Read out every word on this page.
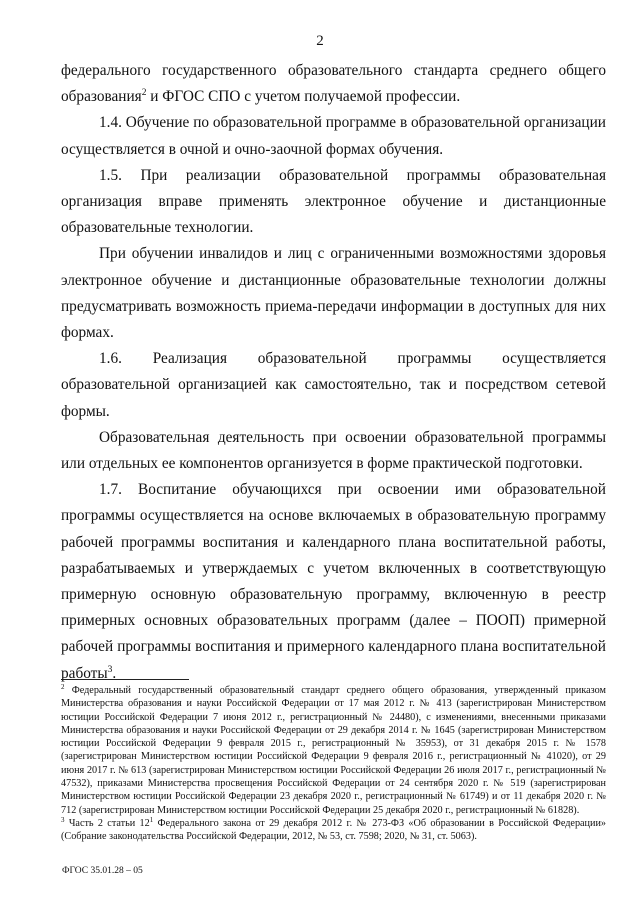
2

федерального государственного образовательного стандарта среднего общего образования$^2$ и ФГОС СПО с учетом получаемой профессии.

1.4. Обучение по образовательной программе в образовательной организации осуществляется в очной и очно-заочной формах обучения.

1.5. При реализации образовательной программы образовательная организация вправе применять электронное обучение и дистанционные образовательные технологии.

При обучении инвалидов и лиц с ограниченными возможностями здоровья электронное обучение и дистанционные образовательные технологии должны предусматривать возможность приема-передачи информации в доступных для них формах.

1.6. Реализация образовательной программы осуществляется образовательной организацией как самостоятельно, так и посредством сетевой формы.

Образовательная деятельность при освоении образовательной программы или отдельных ее компонентов организуется в форме практической подготовки.

1.7. Воспитание обучающихся при освоении ими образовательной программы осуществляется на основе включаемых в образовательную программу рабочей программы воспитания и календарного плана воспитательной работы, разрабатываемых и утверждаемых с учетом включенных в соответствующую примерную основную образовательную программу, включенную в реестр примерных основных образовательных программ (далее – ПООП) примерной рабочей программы воспитания и примерного календарного плана воспитательной работы$^3$.

$^2$ Федеральный государственный образовательный стандарт среднего общего образования, утвержденный приказом Министерства образования и науки Российской Федерации от 17 мая 2012 г. № 413 (зарегистрирован Министерством юстиции Российской Федерации 7 июня 2012 г., регистрационный № 24480), с изменениями, внесенными приказами Министерства образования и науки Российской Федерации от 29 декабря 2014 г. № 1645 (зарегистрирован Министерством юстиции Российской Федерации 9 февраля 2015 г., регистрационный № 35953), от 31 декабря 2015 г. № 1578 (зарегистрирован Министерством юстиции Российской Федерации 9 февраля 2016 г., регистрационный № 41020), от 29 июня 2017 г. № 613 (зарегистрирован Министерством юстиции Российской Федерации 26 июля 2017 г., регистрационный № 47532), приказами Министерства просвещения Российской Федерации от 24 сентября 2020 г. № 519 (зарегистрирован Министерством юстиции Российской Федерации 23 декабря 2020 г., регистрационный № 61749) и от 11 декабря 2020 г. № 712 (зарегистрирован Министерством юстиции Российской Федерации 25 декабря 2020 г., регистрационный № 61828).

$^3$ Часть 2 статьи $12^1$ Федерального закона от 29 декабря 2012 г. № 273-ФЗ «Об образовании в Российской Федерации» (Собрание законодательства Российской Федерации, 2012, № 53, ст. 7598; 2020, № 31, ст. 5063).

ФГОС 35.01.28 – 05
